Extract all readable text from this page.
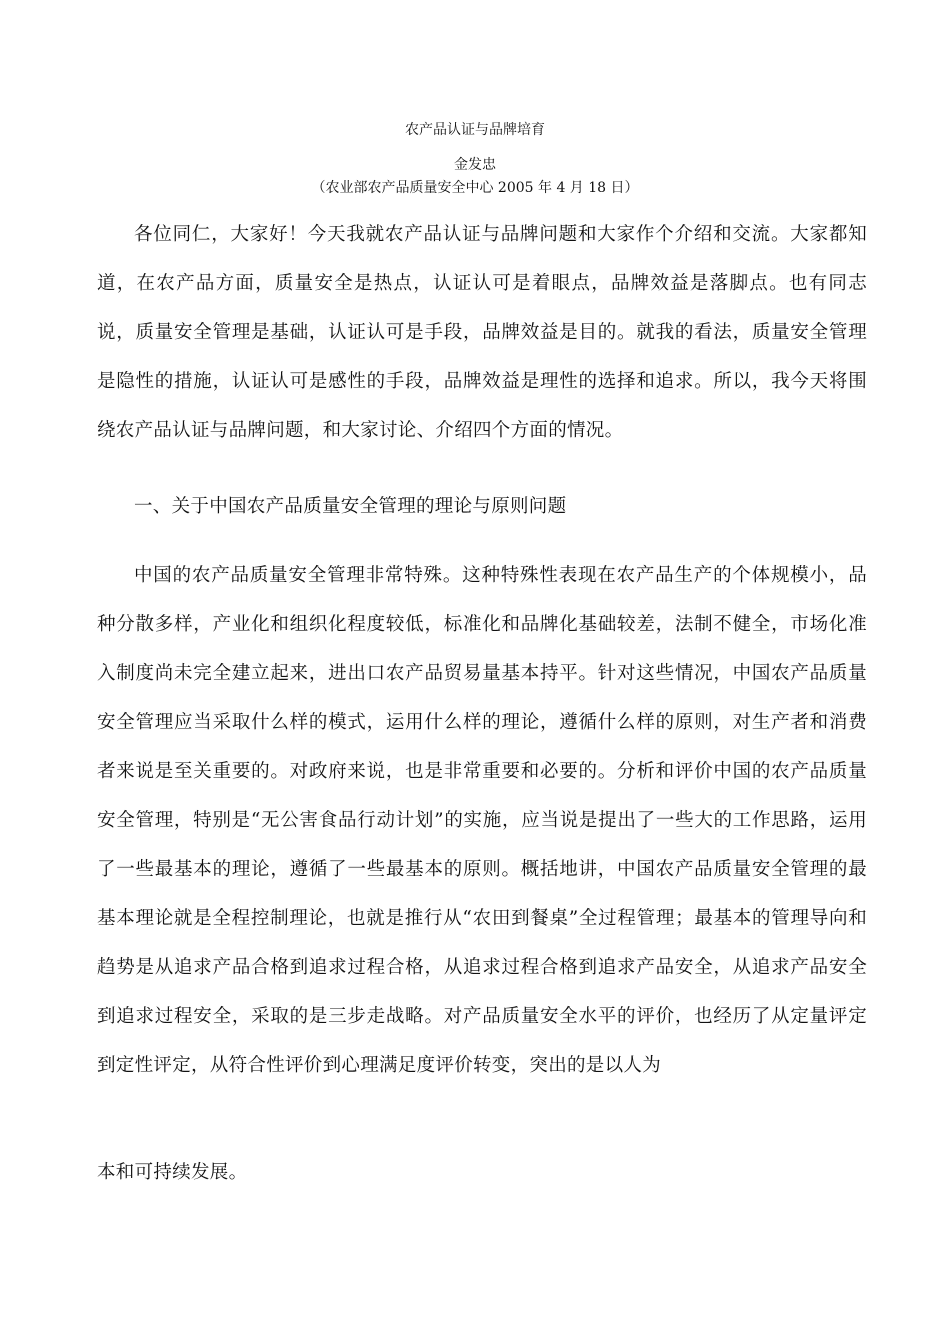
农产品认证与品牌培育
金发忠
（农业部农产品质量安全中心 2005 年 4 月 18 日）
各位同仁，大家好！今天我就农产品认证与品牌问题和大家作个介绍和交流。大家都知道，在农产品方面，质量安全是热点，认证认可是着眼点，品牌效益是落脚点。也有同志说，质量安全管理是基础，认证认可是手段，品牌效益是目的。就我的看法，质量安全管理是隐性的措施，认证认可是感性的手段，品牌效益是理性的选择和追求。所以，我今天将围绕农产品认证与品牌问题，和大家讨论、介绍四个方面的情况。
一、关于中国农产品质量安全管理的理论与原则问题
中国的农产品质量安全管理非常特殊。这种特殊性表现在农产品生产的个体规模小，品种分散多样，产业化和组织化程度较低，标准化和品牌化基础较差，法制不健全，市场化准入制度尚未完全建立起来，进出口农产品贸易量基本持平。针对这些情况，中国农产品质量安全管理应当采取什么样的模式，运用什么样的理论，遵循什么样的原则，对生产者和消费者来说是至关重要的。对政府来说，也是非常重要和必要的。分析和评价中国的农产品质量安全管理，特别是“无公害食品行动计划”的实施，应当说是提出了一些大的工作思路，运用了一些最基本的理论，遵循了一些最基本的原则。概括地讲，中国农产品质量安全管理的最基本理论就是全程控制理论，也就是推行从“农田到餐桌”全过程管理；最基本的管理导向和趋势是从追求产品合格到追求过程合格，从追求过程合格到追求产品安全，从追求产品安全到追求过程安全，采取的是三步走战略。对产品质量安全水平的评价，也经历了从定量评定到定性评定，从符合性评价到心理满足度评价转变，突出的是以人为
本和可持续发展。
